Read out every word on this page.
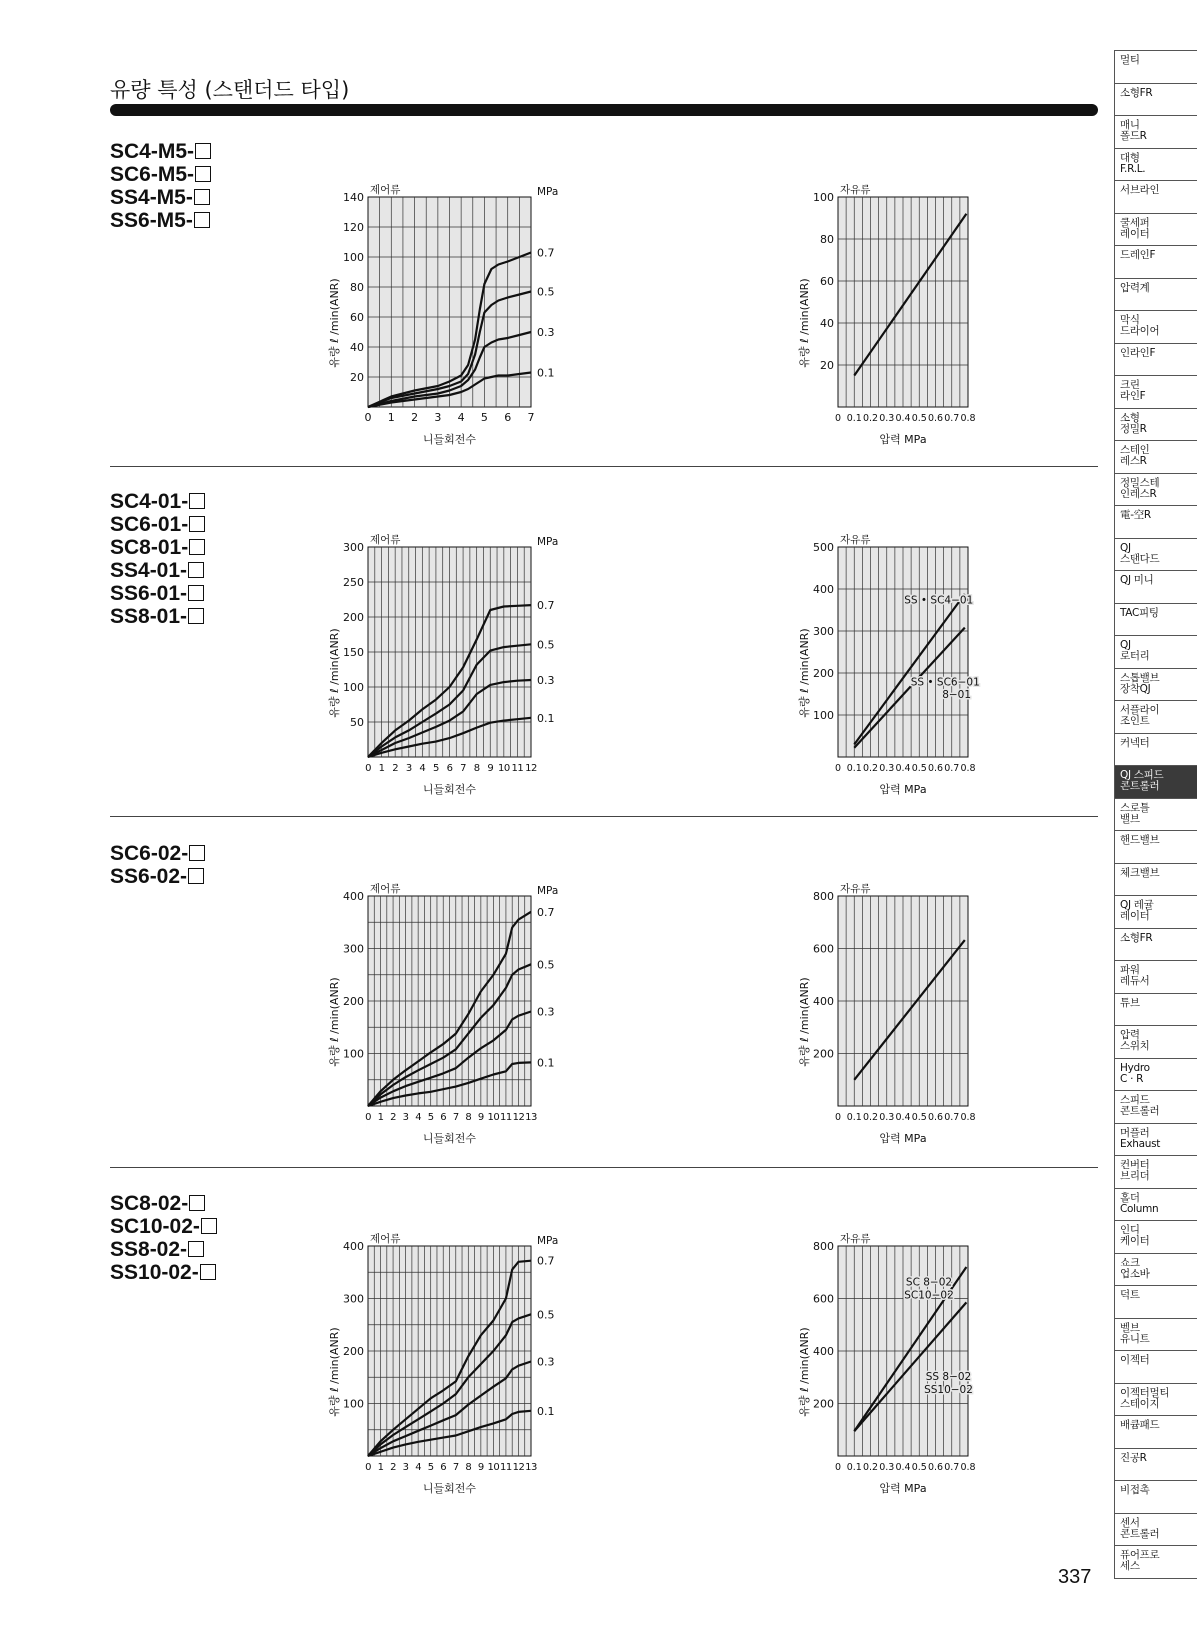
유량 특성 (스탠더드 타입)
SC4-M5-
SC6-M5-
SS4-M5-
SS6-M5-
SC4-01-
SC6-01-
SC8-01-
SS4-01-
SS6-01-
SS8-01-
SC6-02-
SS6-02-
SC8-02-
SC10-02-
SS8-02-
SS10-02-
20
40
60
80
100
120
140
0 1 2 3 4 5 6 7
제어류
니들회전수
유량 ℓ /min(ANR)
MPa
0.7
0.5
0.3
0.1
20
40
60
80
100
0 0.1 0.2 0.3 0.4 0.5 0.6 0.7 0.8
자유류
압력 MPa
유량 ℓ /min(ANR)
50
100
150
200
250
300
0 1 2 3 4 5 6 7 8 9 10 11 12
제어류
니들회전수
유량 ℓ /min(ANR)
MPa
0.7
0.5
0.3
0.1	100
200
300
400
500
0 0.1 0.2 0.3 0.4 0.5 0.6 0.7 0.8
자유류
압력 MPa
유량 ℓ /min(ANR)
SS • SC4−01
SS • SC6−01
8−01
100
200
300
400
0 1 2 3 4 5 6 7 8 9 10 11 12 13
제어류
니들회전수
유량 ℓ /min(ANR)
MPa
0.7
0.5
0.3
0.1
200
400
600
800
0 0.1 0.2 0.3 0.4 0.5 0.6 0.7 0.8
자유류
압력 MPa
유량 ℓ /min(ANR)
100
200
300
400
0 1 2 3 4 5 6 7 8 9 10 11 12 13
제어류
니들회전수
유량 ℓ /min(ANR)
MPa
0.7
0.5
0.3
0.1
200
400
600
800
0 0.1 0.2 0.3 0.4 0.5 0.6 0.7 0.8
자유류
압력 MPa
유량 ℓ /min(ANR)
SC 8−02
SC10−02
SS 8−02
SS10−02
멀티
소형FR
매니
폴드R
대형
F.R.L.
서브라인
쿨세퍼
레이터
드레인F
압력계
막식
드라이어
인라인F
크린
라인F
소형
정밀R
스테인
레스R
정밀스테
인레스R
電-空R
QJ
스탠다드
QJ 미니
TAC피팅
QJ
로터리
스톱밸브
장착QJ
서플라이
조인트
커넥터
QJ 스피드
콘트롤러
스로틀
밸브
핸드밸브
체크밸브
QJ 레귤
레이터
소형FR
파워
레듀서
튜브
압력
스위치
Hydro
C · R
스피드
콘트롤러
머플러
Exhaust
컨버터
브리더
홀더
Column
인디
케이터
쇼크
업소바
덕트
벨브
유니트
이젝터
이젝터멀티
스테이지
배큠패드
진공R
비접촉
센서
콘트롤러
퓨어프로
세스
337
